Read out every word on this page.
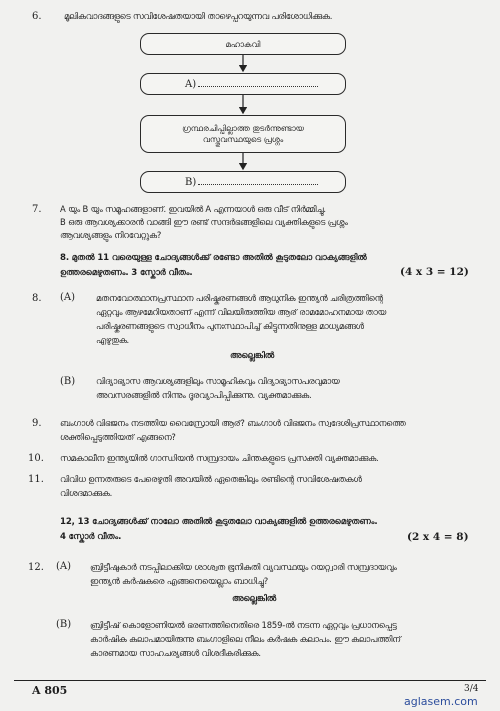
6.	മൂലികവാദങ്ങളുടെ സവിശേഷതയായി താഴെപ്പറയുന്നവ പരിശോധിക്കുക.
മഹാകവി
A)
ഗ്രന്ഥരചിപ്പില്ലാത്ത തുടർന്നുണ്ടായ
വസ്തുവസ്ഥയുടെ പ്രശ്നം
B)
7. A യും B യും സമൂഹങ്ങളാണ്. ഇവയിൽ A എന്നയാൾ ഒരു വീട് നിർമ്മിച്ചു.
B ഒരു ആവശ്യക്കാരൻ വാങ്ങി ഈ രണ്ട് സന്ദർഭങ്ങളിലെ വ്യക്തികളുടെ പ്രശ്നം
ആവശ്യങ്ങളും നിറവേറ്റുക?
8. മുതൽ 11 വരെയുള്ള ചോദ്യങ്ങൾക്ക് രണ്ടോ അതിൽ കൂടുതലോ വാക്യങ്ങളിൽ
ഉത്തരമെഴുതണം. 3 സ്കോർ വീതം.	(4 x 3 = 12)
8. (A) മതനവോത്ഥാനപ്രസ്ഥാന പരിഷ്കരണങ്ങൾ ആധുനിക ഇന്ത്യൻ ചരിത്രത്തിന്റെ
ഏറ്റവും ആഴമേറിയതാണ് എന്ന് വിലയിരുത്തിയ ആര് രാമമോഹനമായ തായ
പരിഷ്കരണങ്ങളുടെ സ്വാധീനം പുനഃസ്ഥാപിച്ച് കിട്ടുന്നതിനുള്ള മാധ്യമങ്ങൾ
എഴുതുക.
അല്ലെങ്കിൽ
(B) വിദ്യാഭ്യാസ ആവശ്യങ്ങളിലും സാമൂഹികവും വിദ്യാഭ്യാസപരവുമായ
അവസരങ്ങളിൽ നിന്നും ദൂരവ്യാപിപ്പിക്കുന്നു. വ്യക്തമാക്കുക.
9. ബംഗാൾ വിഭജനം നടത്തിയ വൈസ്രോയി ആര്? ബംഗാൾ വിഭജനം സ്വദേശിപ്രസ്ഥാനത്തെ
ശക്തിപ്പെടുത്തിയത് എങ്ങനെ?
10. സമകാലീന ഇന്ത്യയിൽ ഗാന്ധിയൻ സമ്പ്രദായം ചിന്തകളുടെ പ്രസക്തി വ്യക്തമാക്കുക.
11. വിവിധ ഉന്നതരുടെ പേരെഴുതി അവയിൽ ഏതെങ്കിലും രണ്ടിന്റെ സവിശേഷതകൾ
വിശദമാക്കുക.
12, 13 ചോദ്യങ്ങൾക്ക് നാലോ അതിൽ കൂടുതലോ വാക്യങ്ങളിൽ ഉത്തരമെഴുതണം.
4 സ്കോർ വീതം.	(2 x 4 = 8)
12. (A) ബ്രിട്ടീഷുകാർ നടപ്പിലാക്കിയ ശാശ്വത ഭൂനികുതി വ്യവസ്ഥയും റയറ്റ്വാരി സമ്പ്രദായവും
ഇന്ത്യൻ കർഷകരെ എങ്ങനെയെല്ലാം ബാധിച്ചു?
അല്ലെങ്കിൽ
(B) ബ്രിട്ടീഷ് കൊളോണിയൽ ഭരണത്തിനെതിരെ 1859-ൽ നടന്ന ഏറ്റവും പ്രധാനപ്പെട്ട
കാർഷിക കലാപമായിരുന്നു ബംഗാളിലെ നീലം കർഷക കലാപം. ഈ കലാപത്തിന്
കാരണമായ സാഹചര്യങ്ങൾ വിശദീകരിക്കുക.
A 805	3/4
aglasem.com
